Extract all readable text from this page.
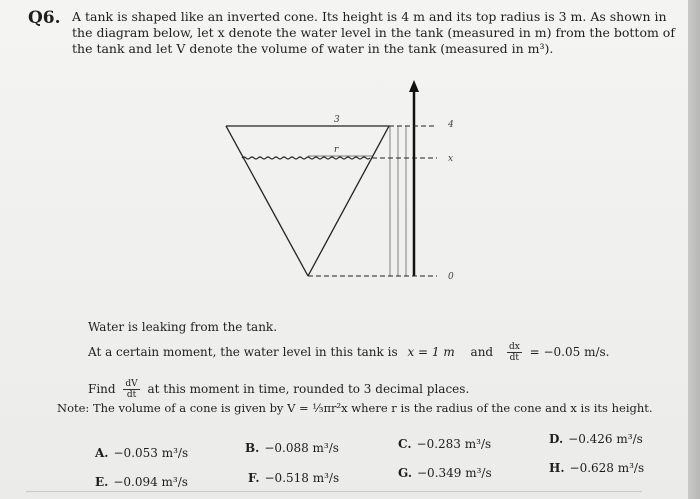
Q6. A tank is shaped like an inverted cone. Its height is 4 m and its top radius is 3 m. As shown in
the diagram below, let x denote the water level in the tank (measured in m) from the bottom of
the tank and let V denote the volume of water in the tank (measured in m³).
3
r
4
x
0
Water is leaking from the tank.
At a certain moment, the water level in this tank is x = 1 m and $\frac{dx}{dt} = -0.05$ m/s.
Find $\frac{dV}{dt}$ at this moment in time, rounded to 3 decimal places.
Note: The volume of a cone is given by V = ⅓πr²x where r is the radius of the cone and x is its height.
A. −0.053 m³/s	B. −0.088 m³/s	C. −0.283 m³/s	D. −0.426 m³/s
E. −0.094 m³/s	F. −0.518 m³/s	G. −0.349 m³/s	H. −0.628 m³/s
